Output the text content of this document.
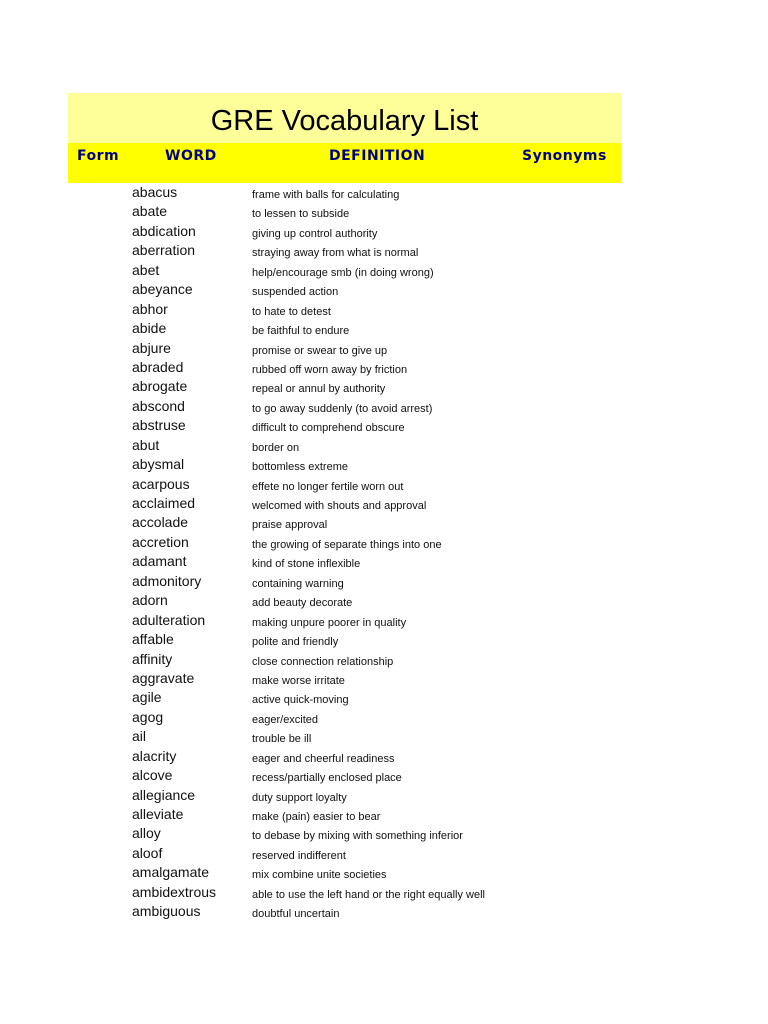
GRE Vocabulary List
Form	WORD	DEFINITION	Synonyms
abacus	frame with balls for calculating
abate	to lessen to subside
abdication	giving up control authority
aberration	straying away from what is normal
abet	help/encourage smb (in doing wrong)
abeyance	suspended action
abhor	to hate to detest
abide	be faithful to endure
abjure	promise or swear to give up
abraded	rubbed off worn away by friction
abrogate	repeal or annul by authority
abscond	to go away suddenly (to avoid arrest)
abstruse	difficult to comprehend obscure
abut	border on
abysmal	bottomless extreme
acarpous	effete no longer fertile worn out
acclaimed	welcomed with shouts and approval
accolade	praise approval
accretion	the growing of separate things into one
adamant	kind of stone inflexible
admonitory	containing warning
adorn	add beauty decorate
adulteration	making unpure poorer in quality
affable	polite and friendly
affinity	close connection relationship
aggravate	make worse irritate
agile	active quick-moving
agog	eager/excited
ail	trouble be ill
alacrity	eager and cheerful readiness
alcove	recess/partially enclosed place
allegiance	duty support loyalty
alleviate	make (pain) easier to bear
alloy	to debase by mixing with something inferior
aloof	reserved indifferent
amalgamate	mix combine unite societies
ambidextrous	able to use the left hand or the right equally well
ambiguous	doubtful uncertain
